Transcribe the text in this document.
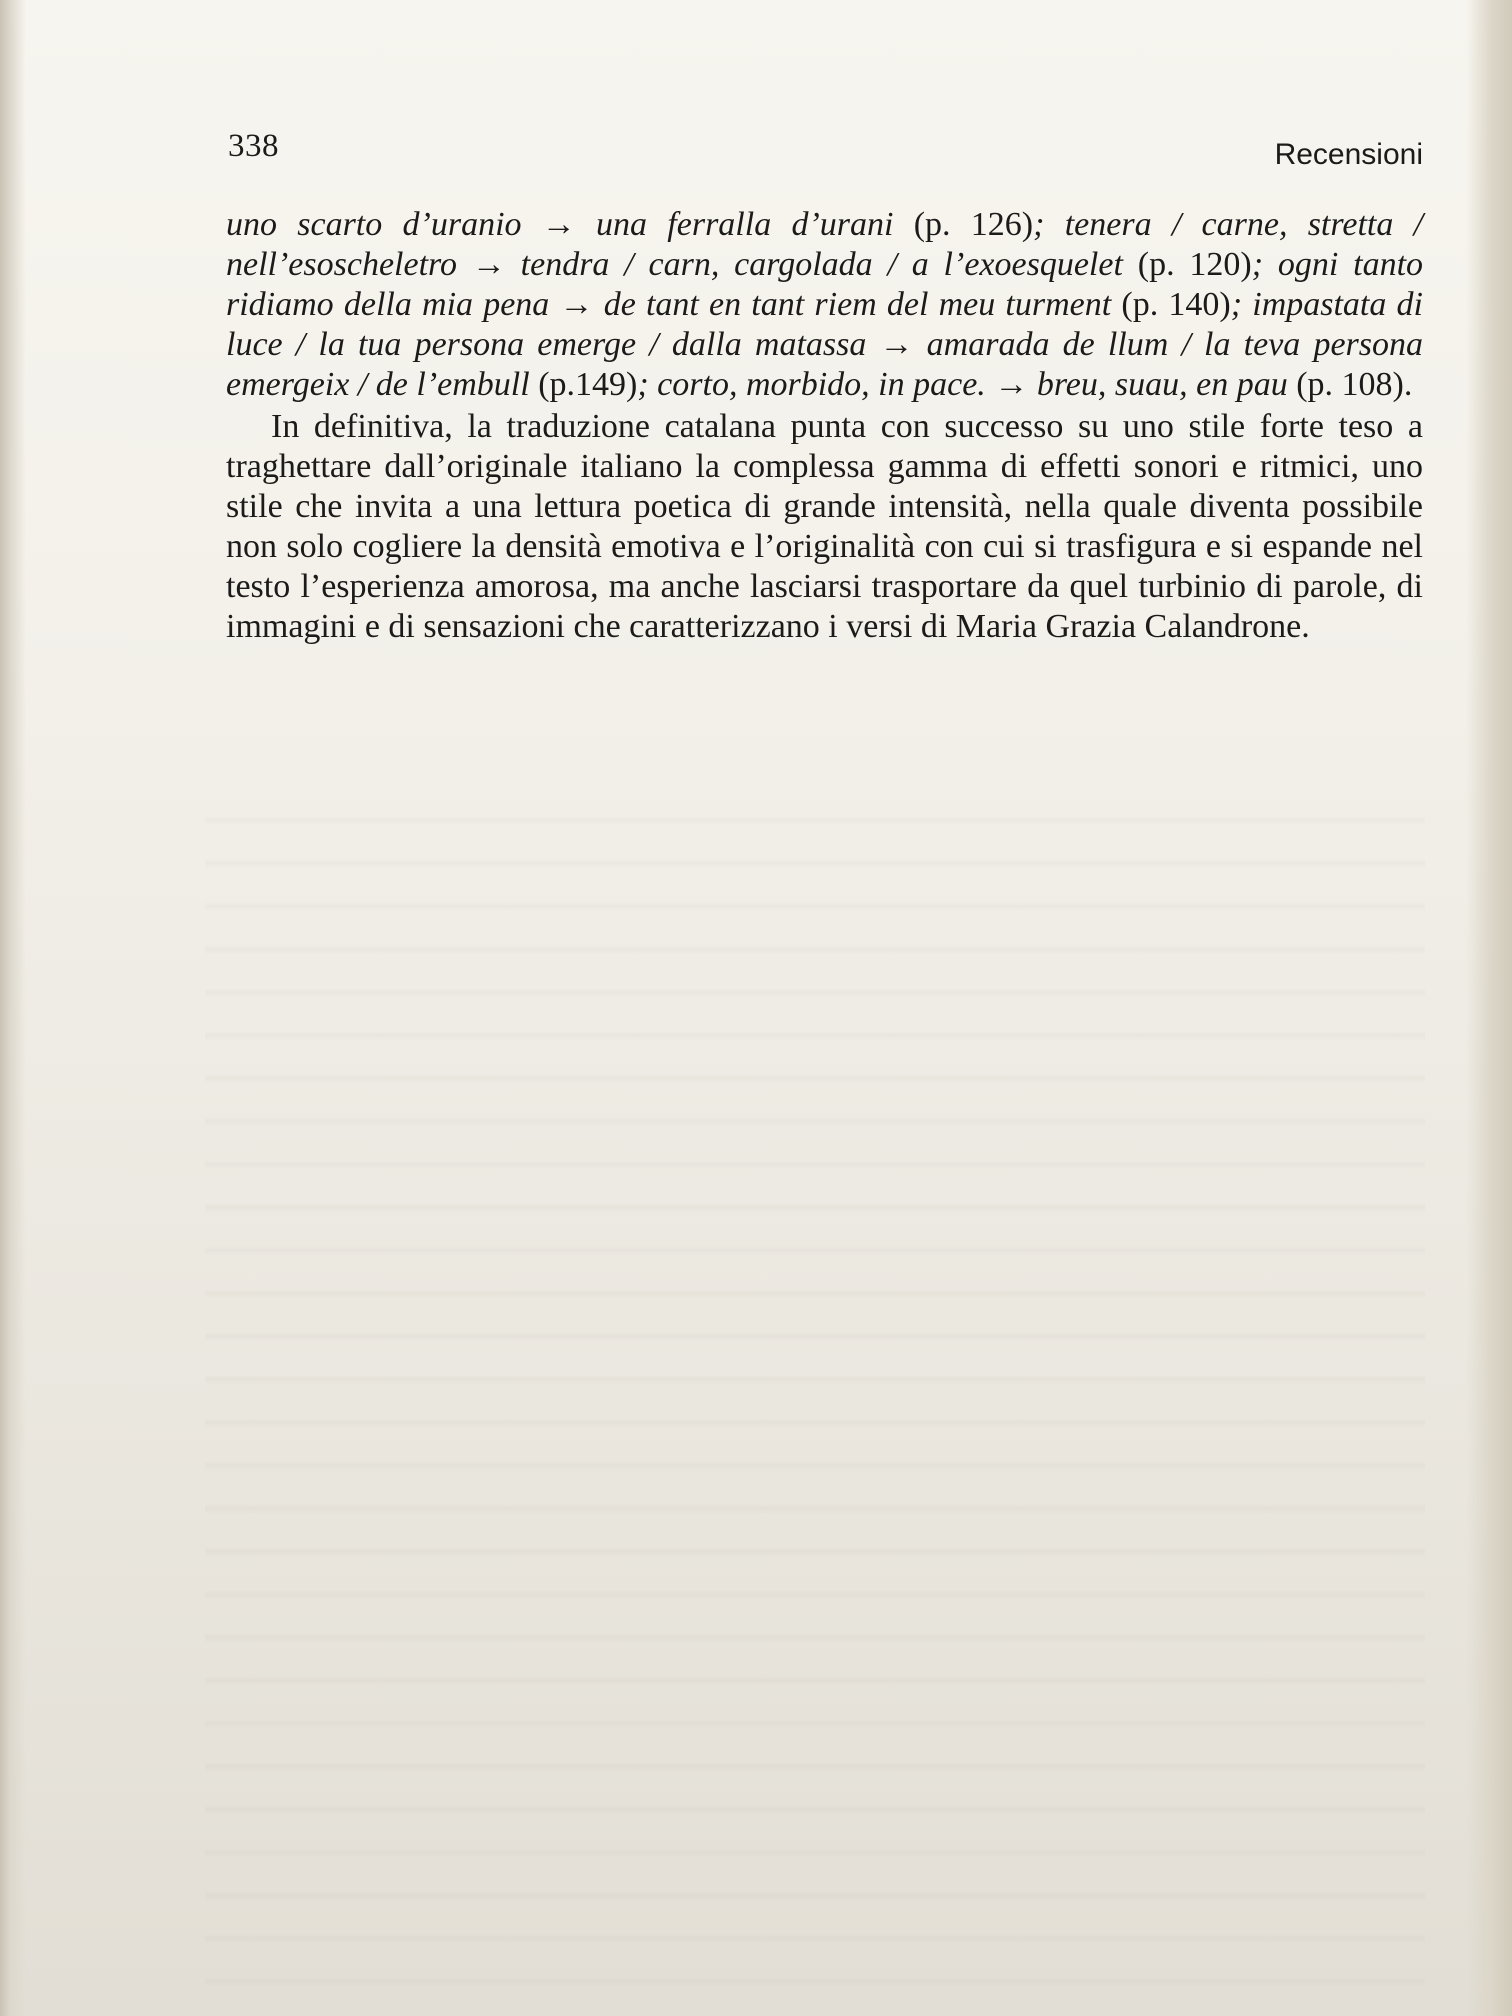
338	Recensioni

uno scarto d’uranio → una ferralla d’urani (p. 126); tenera / carne, stretta / nell’esoscheletro → tendra / carn, cargolada / a l’exoesquelet (p. 120); ogni tanto ridiamo della mia pena → de tant en tant riem del meu turment (p. 140); impastata di luce / la tua persona emerge / dalla matassa → amarada de llum / la teva persona emergeix / de l’embull (p.149); corto, morbido, in pace. → breu, suau, en pau (p. 108).

In definitiva, la traduzione catalana punta con successo su uno stile forte teso a traghettare dall’originale italiano la complessa gamma di effetti sonori e ritmici, uno stile che invita a una lettura poetica di grande intensità, nella quale diventa possibile non solo cogliere la densità emotiva e l’originalità con cui si trasfigura e si espande nel testo l’esperienza amorosa, ma anche lasciarsi trasportare da quel turbinio di parole, di immagini e di sensazioni che caratterizzano i versi di Maria Grazia Calandrone.
